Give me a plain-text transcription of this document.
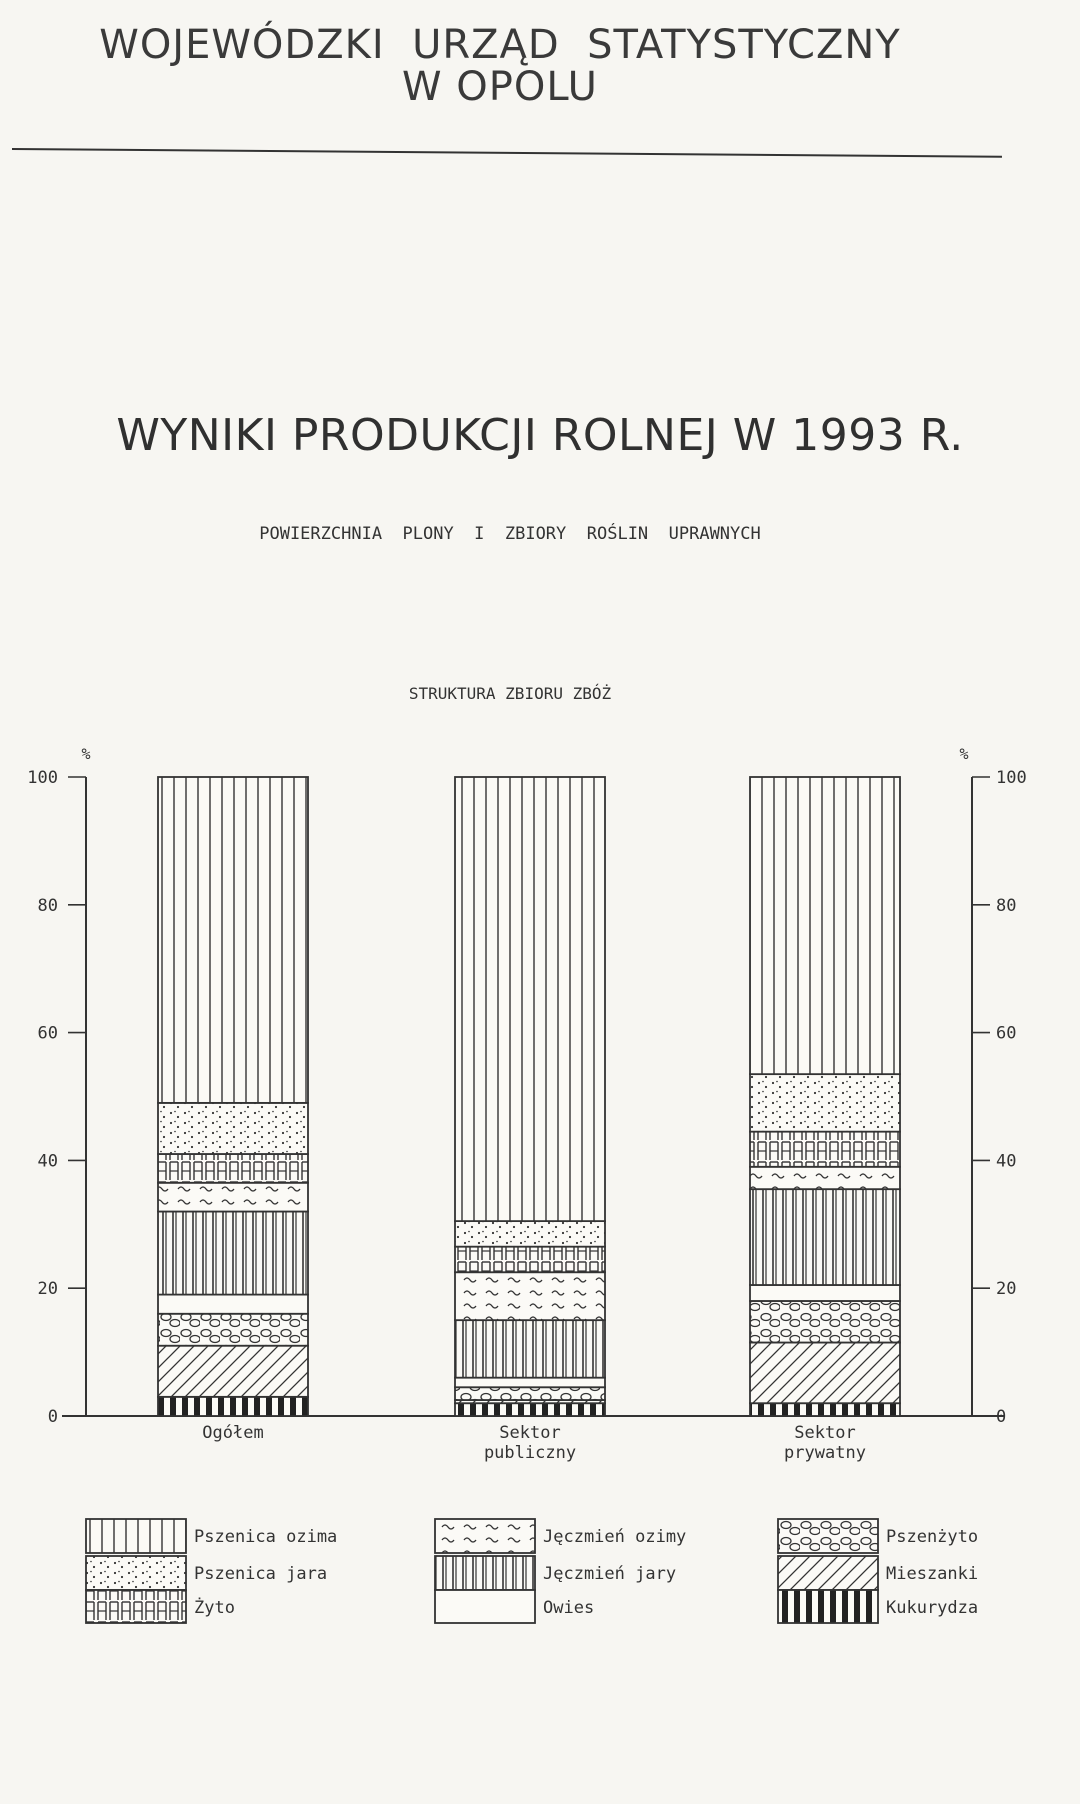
WOJEWÓDZKI  URZĄD  STATYSTYCZNY
W OPOLU
WYNIKI PRODUKCJI ROLNEJ W 1993 R.
POWIERZCHNIA  PLONY  I  ZBIORY  ROŚLIN  UPRAWNYCH
STRUKTURA ZBIORU ZBÓŻ
0	0
20	20
40	40
60	60
80	80
100	100
%	%
Ogółem	Sektor publiczny
Sektor prywatny
Pszenica ozima
Pszenica jara
Żyto
Jęczmień ozimy
Jęczmień jary
Owies
Pszenżyto
Mieszanki
Kukurydza
